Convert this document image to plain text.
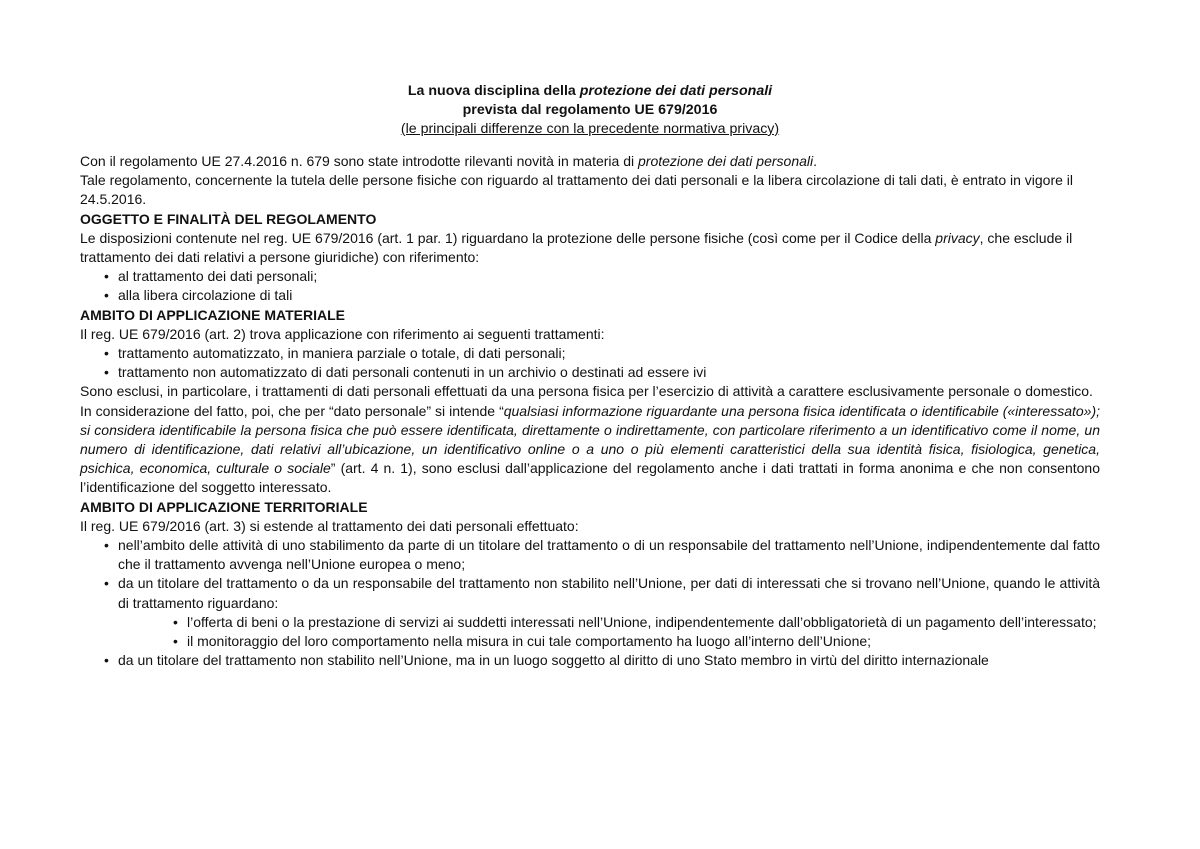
La nuova disciplina della protezione dei dati personali
prevista dal regolamento UE 679/2016
(le principali differenze con la precedente normativa privacy)

Con il regolamento UE 27.4.2016 n. 679 sono state introdotte rilevanti novità in materia di protezione dei dati personali.

Tale regolamento, concernente la tutela delle persone fisiche con riguardo al trattamento dei dati personali e la libera circolazione di tali dati, è entrato in vigore il 24.5.2016.

OGGETTO E FINALITÀ DEL REGOLAMENTO

Le disposizioni contenute nel reg. UE 679/2016 (art. 1 par. 1) riguardano la protezione delle persone fisiche (così come per il Codice della privacy, che esclude il trattamento dei dati relativi a persone giuridiche) con riferimento:

• al trattamento dei dati personali;
• alla libera circolazione di tali
AMBITO DI APPLICAZIONE MATERIALE

Il reg. UE 679/2016 (art. 2) trova applicazione con riferimento ai seguenti trattamenti:

• trattamento automatizzato, in maniera parziale o totale, di dati personali;
• trattamento non automatizzato di dati personali contenuti in un archivio o destinati ad essere ivi

Sono esclusi, in particolare, i trattamenti di dati personali effettuati da una persona fisica per l’esercizio di attività a carattere esclusivamente personale o domestico.

In considerazione del fatto, poi, che per “dato personale” si intende “qualsiasi informazione riguardante una persona fisica identificata o identificabile («interessato»); si considera identificabile la persona fisica che può essere identificata, direttamente o indirettamente, con particolare riferimento a un identificativo come il nome, un numero di identificazione, dati relativi all’ubicazione, un identificativo online o a uno o più elementi caratteristici della sua identità fisica, fisiologica, genetica, psichica, economica, culturale o sociale” (art. 4 n. 1), sono esclusi dall’applicazione del regolamento anche i dati trattati in forma anonima e che non consentono l’identificazione del soggetto interessato.

AMBITO DI APPLICAZIONE TERRITORIALE

Il reg. UE 679/2016 (art. 3) si estende al trattamento dei dati personali effettuato:

• nell’ambito delle attività di uno stabilimento da parte di un titolare del trattamento o di un responsabile del trattamento nell’Unione, indipendentemente dal fatto che il trattamento avvenga nell’Unione europea o meno;
• da un titolare del trattamento o da un responsabile del trattamento non stabilito nell’Unione, per dati di interessati che si trovano nell’Unione, quando le attività di trattamento riguardano:
• l’offerta di beni o la prestazione di servizi ai suddetti interessati nell’Unione, indipendentemente dall’obbligatorietà di un pagamento dell’interessato;
• il monitoraggio del loro comportamento nella misura in cui tale comportamento ha luogo all’interno dell’Unione;
• da un titolare del trattamento non stabilito nell’Unione, ma in un luogo soggetto al diritto di uno Stato membro in virtù del diritto internazionale
